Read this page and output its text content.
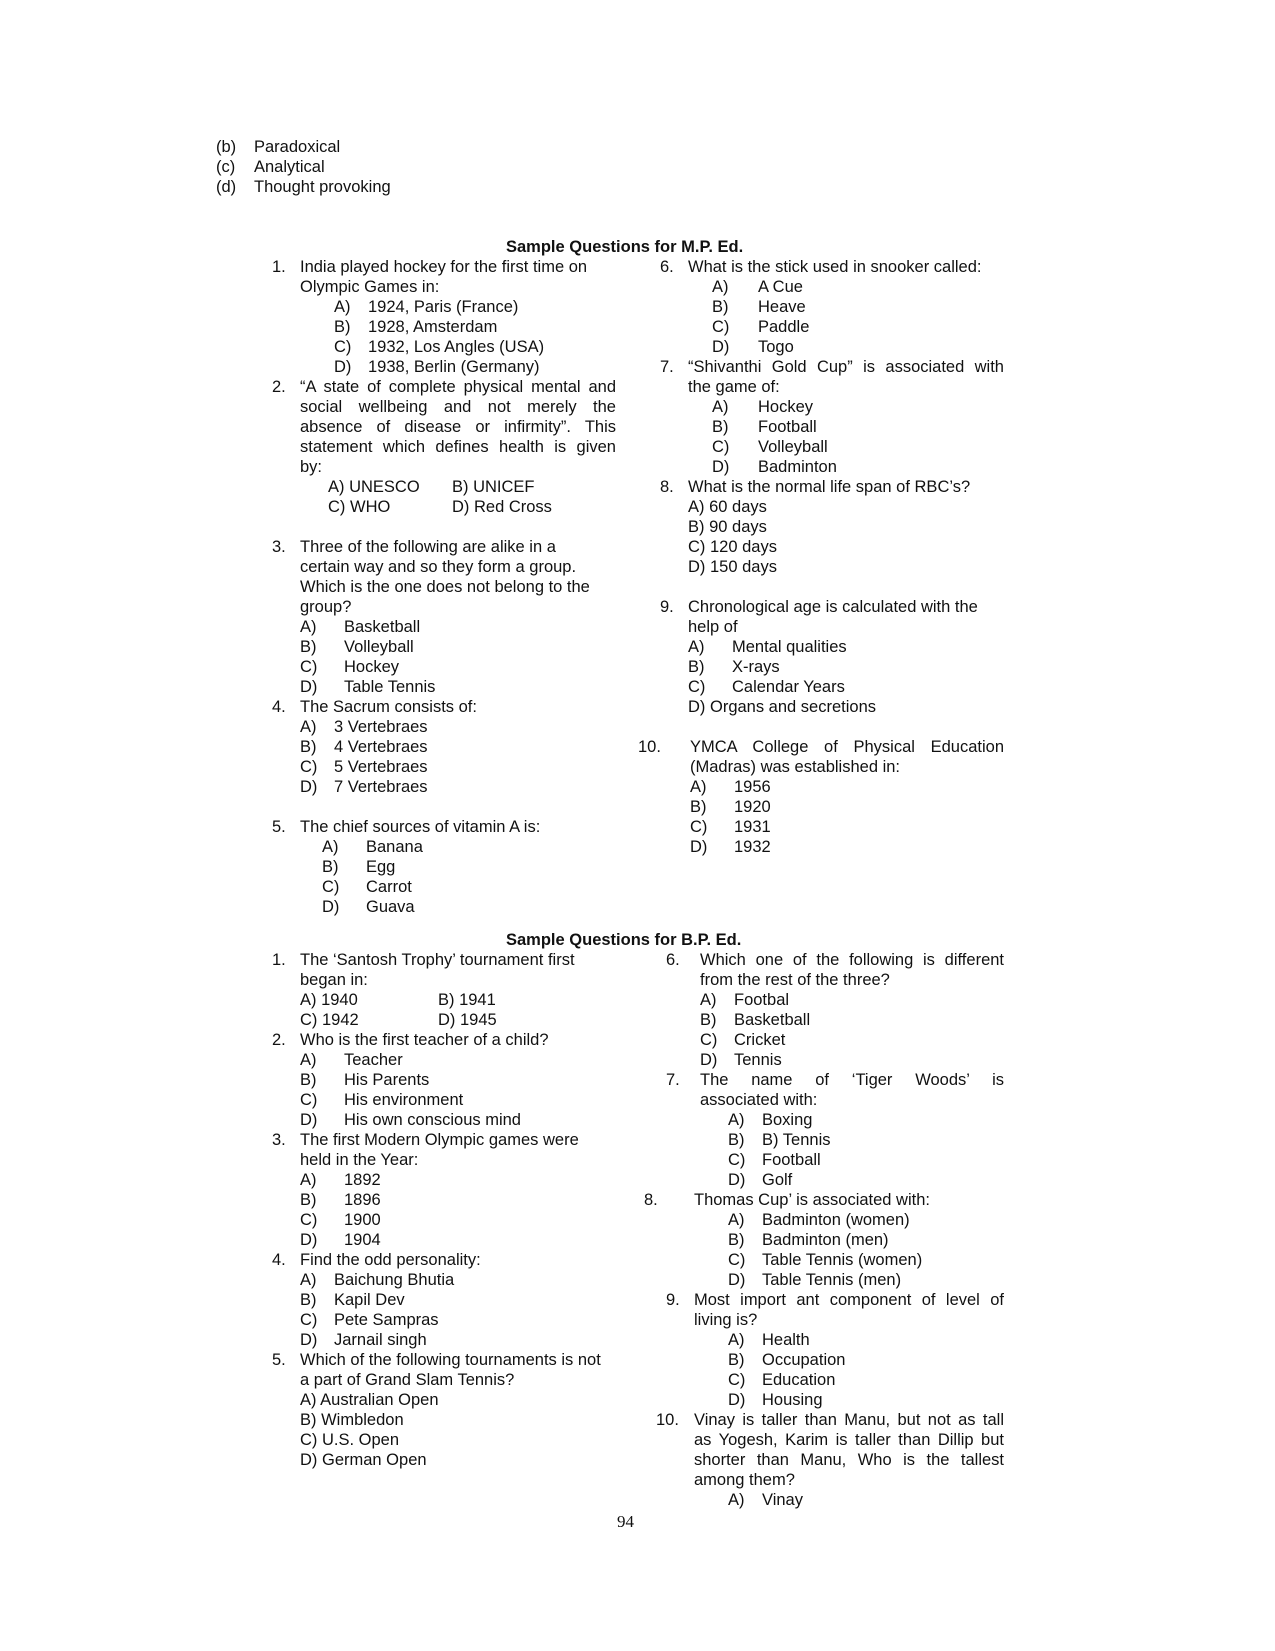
(b) Paradoxical
(c) Analytical
(d) Thought provoking
Sample Questions for M.P. Ed.
1. India played hockey for the first time on
Olympic Games in:
A) 1924, Paris (France)
B) 1928, Amsterdam
C) 1932, Los Angles (USA)
D) 1938, Berlin (Germany)
2. “A state of complete physical mental and
social wellbeing and not merely the
absence of disease or infirmity”. This
statement which defines health is given
by:
A) UNESCO B) UNICEF
C) WHO	D) Red Cross
3. Three of the following are alike in a
certain way and so they form a group.
Which is the one does not belong to the
group?
A) Basketball
B) Volleyball
C) Hockey
D) Table Tennis
4. The Sacrum consists of:
A) 3 Vertebraes
B) 4 Vertebraes
C) 5 Vertebraes
D) 7 Vertebraes
5. The chief sources of vitamin A is:
A) Banana
B) Egg
C) Carrot
D) Guava
6. What is the stick used in snooker called:
A) A Cue
B) Heave
C) Paddle
D) Togo
7. “Shivanthi Gold Cup” is associated with
the game of:
A) Hockey
B) Football
C) Volleyball
D) Badminton
8. What is the normal life span of RBC’s?
A) 60 days
B) 90 days
C) 120 days
D) 150 days
9. Chronological age is calculated with the
help of
A) Mental qualities
B) X-rays
C) Calendar Years
D) Organs and secretions
10. YMCA College of Physical Education
(Madras) was established in:
A) 1956
B) 1920
C) 1931
D) 1932
Sample Questions for B.P. Ed.
1. The ‘Santosh Trophy’ tournament first
began in:
A) 1940	B) 1941
C) 1942	D) 1945
2. Who is the first teacher of a child?
A) Teacher
B) His Parents
C) His environment
D) His own conscious mind
3. The first Modern Olympic games were
held in the Year:
A) 1892
B) 1896
C) 1900
D) 1904
4. Find the odd personality:
A) Baichung Bhutia
B) Kapil Dev
C) Pete Sampras
D) Jarnail singh
5. Which of the following tournaments is not
a part of Grand Slam Tennis?
A) Australian Open
B) Wimbledon
C) U.S. Open
D) German Open
6. Which one of the following is different
from the rest of the three?
A) Footbal
B) Basketball
C) Cricket
D) Tennis
7. The name of ‘Tiger Woods’ is
associated with:
A) Boxing
B) B) Tennis
C) Football
D) Golf
8. Thomas Cup’ is associated with:
A) Badminton (women)
B) Badminton (men)
C) Table Tennis (women)
D) Table Tennis (men)
9. Most import ant component of level of
living is?
A) Health
B) Occupation
C) Education
D) Housing
10. Vinay is taller than Manu, but not as tall
as Yogesh, Karim is taller than Dillip but
shorter than Manu, Who is the tallest
among them?
A) Vinay
94
